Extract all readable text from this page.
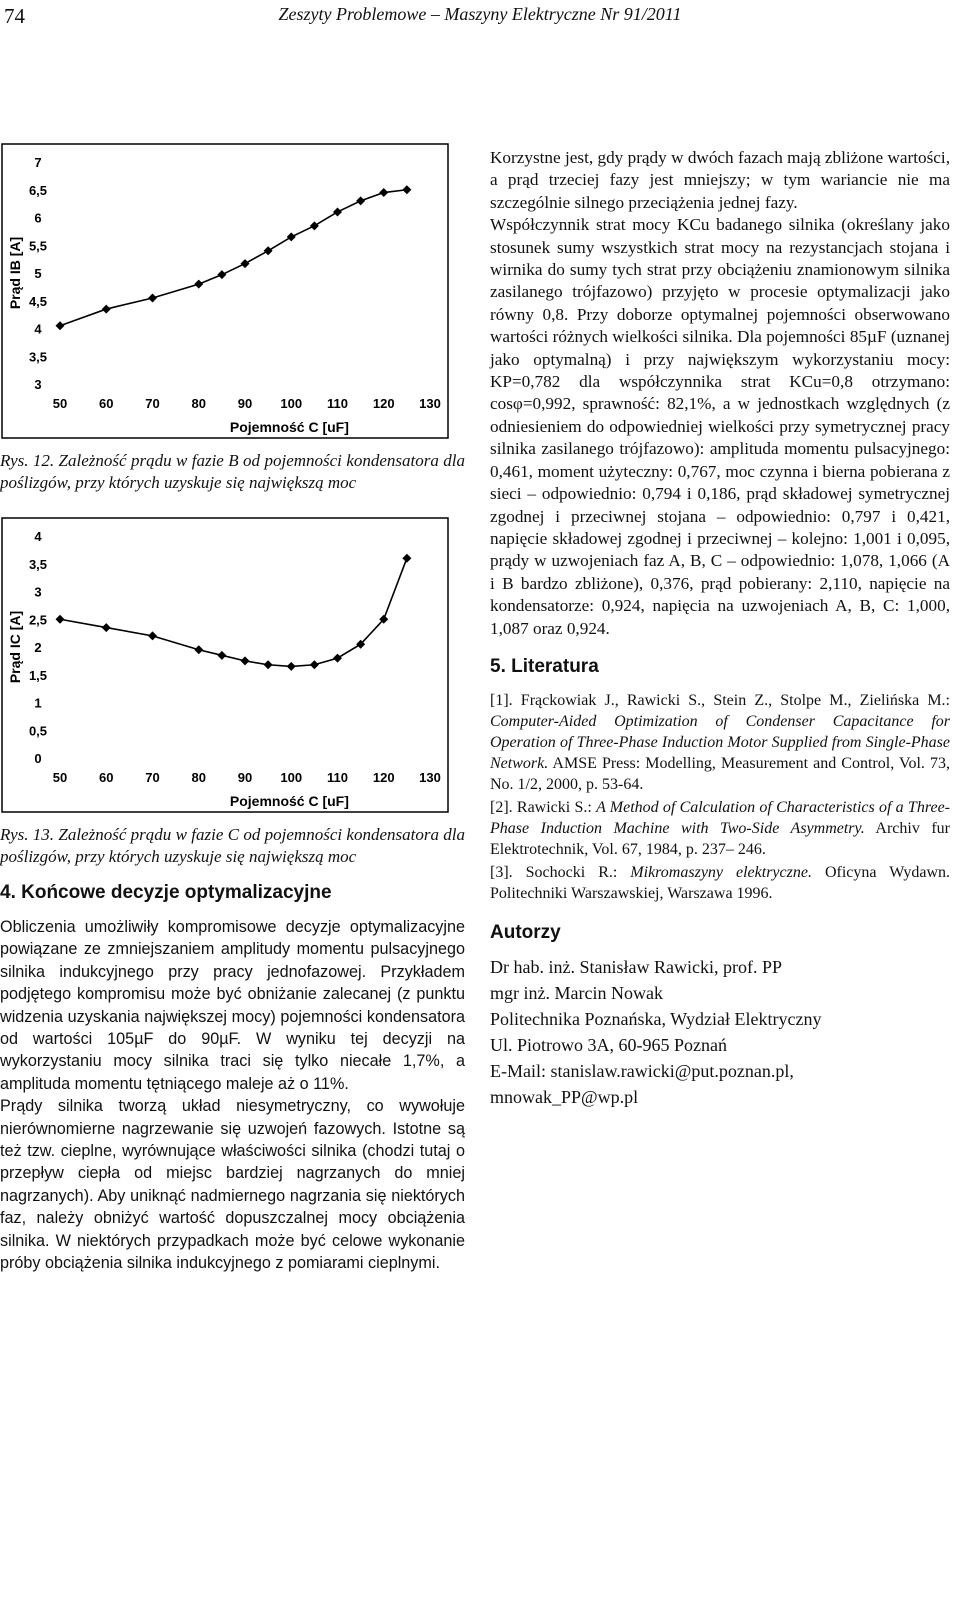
74	Zeszyty Problemowe – Maszyny Elektryczne Nr 91/2011
3
3,5
4
4,5
5
5,5
6
6,5
7
50 60 70 80 90 100 110 120 130
Pojemność C [uF]
Prąd IB [A]

Rys. 12. Zależność prądu w fazie B od pojemności kondensatora dla poślizgów, przy których uzyskuje się największą moc

0
0,5
1
1,5
2
2,5
3
3,5
4
50 60 70 80 90 100 110 120 130
Pojemność C [uF]
Prąd IC [A]

Rys. 13. Zależność prądu w fazie C od pojemności kondensatora dla poślizgów, przy których uzyskuje się największą moc

4. Końcowe decyzje optymalizacyjne

Obliczenia umożliwiły kompromisowe decyzje optymalizacyjne powiązane ze zmniejszaniem amplitudy momentu pulsacyjnego silnika indukcyjnego przy pracy jednofazowej. Przykładem podjętego kompromisu może być obniżanie zalecanej (z punktu widzenia uzyskania największej mocy) pojemności kondensatora od wartości 105µF do 90µF. W wyniku tej decyzji na wykorzystaniu mocy silnika traci się tylko niecałe 1,7%, a amplituda momentu tętniącego maleje aż o 11%.

Prądy silnika tworzą układ niesymetryczny, co wywołuje nierównomierne nagrzewanie się uzwojeń fazowych. Istotne są też tzw. cieplne, wyrównujące właściwości silnika (chodzi tutaj o przepływ ciepła od miejsc bardziej nagrzanych do mniej nagrzanych). Aby uniknąć nadmiernego nagrzania się niektórych faz, należy obniżyć wartość dopuszczalnej mocy obciążenia silnika. W niektórych przypadkach może być celowe wykonanie próby obciążenia silnika indukcyjnego z pomiarami cieplnymi.

Korzystne jest, gdy prądy w dwóch fazach mają zbliżone wartości, a prąd trzeciej fazy jest mniejszy; w tym wariancie nie ma szczególnie silnego przeciążenia jednej fazy.

Współczynnik strat mocy KCu badanego silnika (określany jako stosunek sumy wszystkich strat mocy na rezystancjach stojana i wirnika do sumy tych strat przy obciążeniu znamionowym silnika zasilanego trójfazowo) przyjęto w procesie optymalizacji jako równy 0,8. Przy doborze optymalnej pojemności obserwowano wartości różnych wielkości silnika. Dla pojemności 85µF (uznanej jako optymalną) i przy największym wykorzystaniu mocy: KP=0,782 dla współczynnika strat KCu=0,8 otrzymano: cosφ=0,992, sprawność: 82,1%, a w jednostkach względnych (z odniesieniem do odpowiedniej wielkości przy symetrycznej pracy silnika zasilanego trójfazowo): amplituda momentu pulsacyjnego: 0,461, moment użyteczny: 0,767, moc czynna i bierna pobierana z sieci – odpowiednio: 0,794 i 0,186, prąd składowej symetrycznej zgodnej i przeciwnej stojana – odpowiednio: 0,797 i 0,421, napięcie składowej zgodnej i przeciwnej – kolejno: 1,001 i 0,095, prądy w uzwojeniach faz A, B, C – odpowiednio: 1,078, 1,066 (A i B bardzo zbliżone), 0,376, prąd pobierany: 2,110, napięcie na kondensatorze: 0,924, napięcia na uzwojeniach A, B, C: 1,000, 1,087 oraz 0,924.

5. Literatura

[1]. Frąckowiak J., Rawicki S., Stein Z., Stolpe M., Zielińska M.: Computer-Aided Optimization of Condenser Capacitance for Operation of Three-Phase Induction Motor Supplied from Single-Phase Network. AMSE Press: Modelling, Measurement and Control, Vol. 73, No. 1/2, 2000, p. 53-64.

[2]. Rawicki S.: A Method of Calculation of Characteristics of a Three-Phase Induction Machine with Two-Side Asymmetry. Archiv fur Elektrotechnik, Vol. 67, 1984, p. 237– 246.

[3]. Sochocki R.: Mikromaszyny elektryczne. Oficyna Wydawn. Politechniki Warszawskiej, Warszawa 1996.

Autorzy

Dr hab. inż. Stanisław Rawicki, prof. PP

mgr inż. Marcin Nowak

Politechnika Poznańska, Wydział Elektryczny

Ul. Piotrowo 3A, 60-965 Poznań

E-Mail: stanislaw.rawicki@put.poznan.pl,

mnowak_PP@wp.pl
